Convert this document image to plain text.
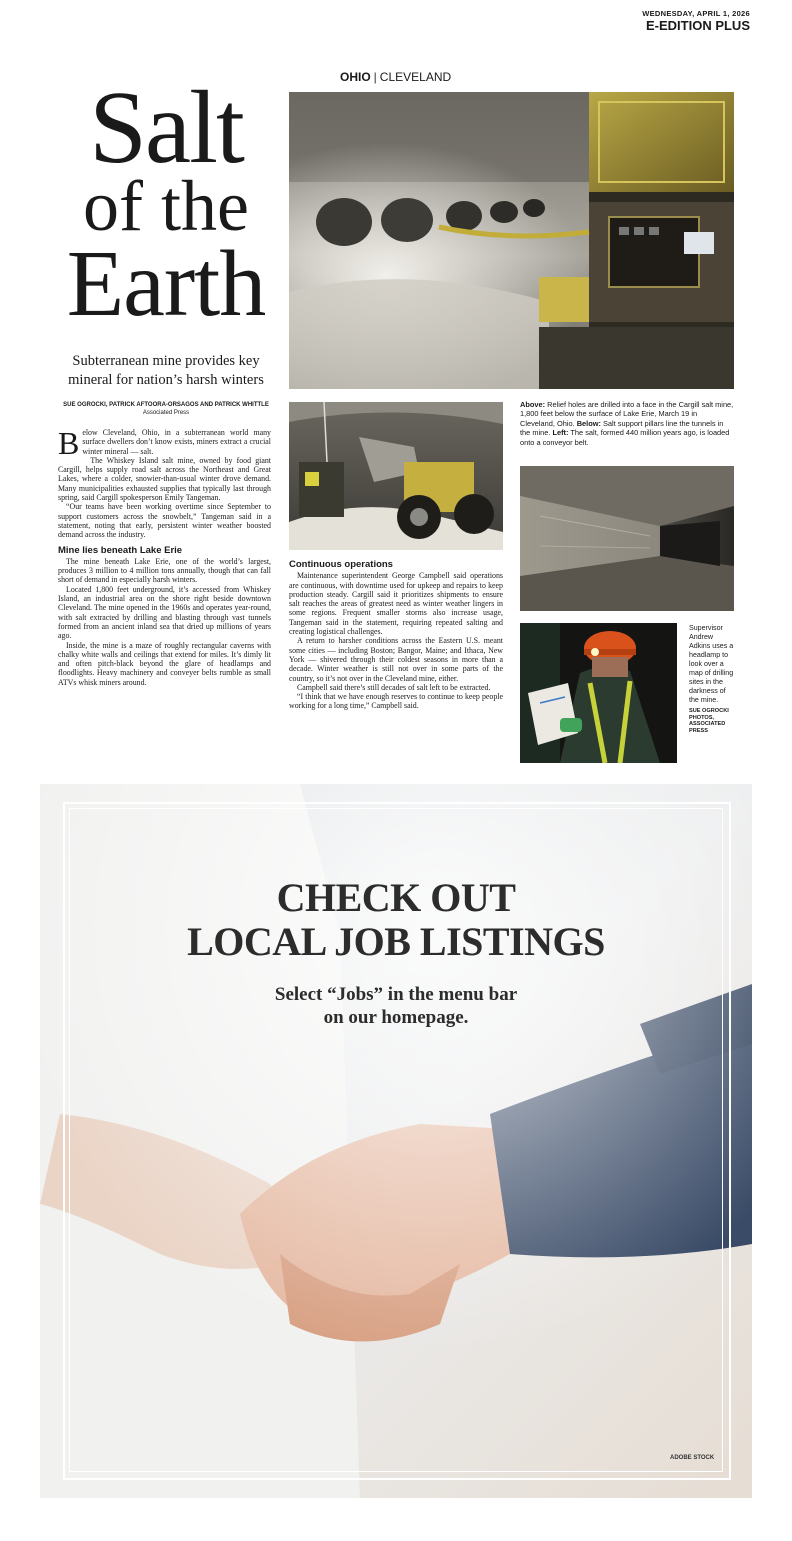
WEDNESDAY, APRIL 1, 2026
E-EDITION PLUS
OHIO | CLEVELAND
Salt
of the
Earth
Subterranean mine provides key mineral for nation’s harsh winters
SUE OGROCKI, PATRICK AFTOORA-ORSAGOS AND PATRICK WHITTLE
Associated Press

Below Cleveland, Ohio, in a subterranean world many surface dwellers don’t know exists, miners extract a crucial winter mineral — salt.

The Whiskey Island salt mine, owned by food giant Cargill, helps supply road salt across the Northeast and Great Lakes, where a colder, snowier-than-usual winter drove demand. Many municipalities exhausted supplies that typically last through spring, said Cargill spokesperson Emily Tangeman.

“Our teams have been working overtime since September to support customers across the snowbelt,” Tangeman said in a statement, noting that early, persistent winter weather boosted demand across the industry.

Mine lies beneath Lake Erie

The mine beneath Lake Erie, one of the world’s largest, produces 3 million to 4 million tons annually, though that can fall short of demand in especially harsh winters.

Located 1,800 feet underground, it’s accessed from Whiskey Island, an industrial area on the shore right beside downtown Cleveland. The mine opened in the 1960s and operates year-round, with salt extracted by drilling and blasting through vast tunnels formed from an ancient inland sea that dried up millions of years ago.

Inside, the mine is a maze of roughly rectangular caverns with chalky white walls and ceilings that extend for miles. It’s dimly lit and often pitch-black beyond the glare of headlamps and floodlights. Heavy machinery and conveyer belts rumble as small ATVs whisk miners around.

Continuous operations

Maintenance superintendent George Campbell said operations are continuous, with downtime used for upkeep and repairs to keep production steady. Cargill said it prioritizes shipments to ensure salt reaches the areas of greatest need as winter weather lingers in some regions. Frequent smaller storms also increase usage, Tangeman said in the statement, requiring repeated salting and creating logistical challenges.

A return to harsher conditions across the Eastern U.S. meant some cities — including Boston; Bangor, Maine; and Ithaca, New York — shivered through their coldest seasons in more than a decade. Winter weather is still not over in some parts of the country, so it’s not over in the Cleveland mine, either.

Campbell said there’s still decades of salt left to be extracted.

“I think that we have enough reserves to continue to keep people working for a long time,” Campbell said.

Above: Relief holes are drilled into a face in the Cargill salt mine, 1,800 feet below the surface of Lake Erie, March 19 in Cleveland, Ohio. Below: Salt support pillars line the tunnels in the mine. Left: The salt, formed 440 million years ago, is loaded onto a conveyor belt.
Supervisor Andrew Adkins uses a headlamp to look over a map of drilling sites in the darkness of the mine.
SUE OGROCKI PHOTOS, ASSOCIATED PRESS
CHECK OUT
LOCAL JOB LISTINGS
Select “Jobs” in the menu bar
on our homepage.
ADOBE STOCK
